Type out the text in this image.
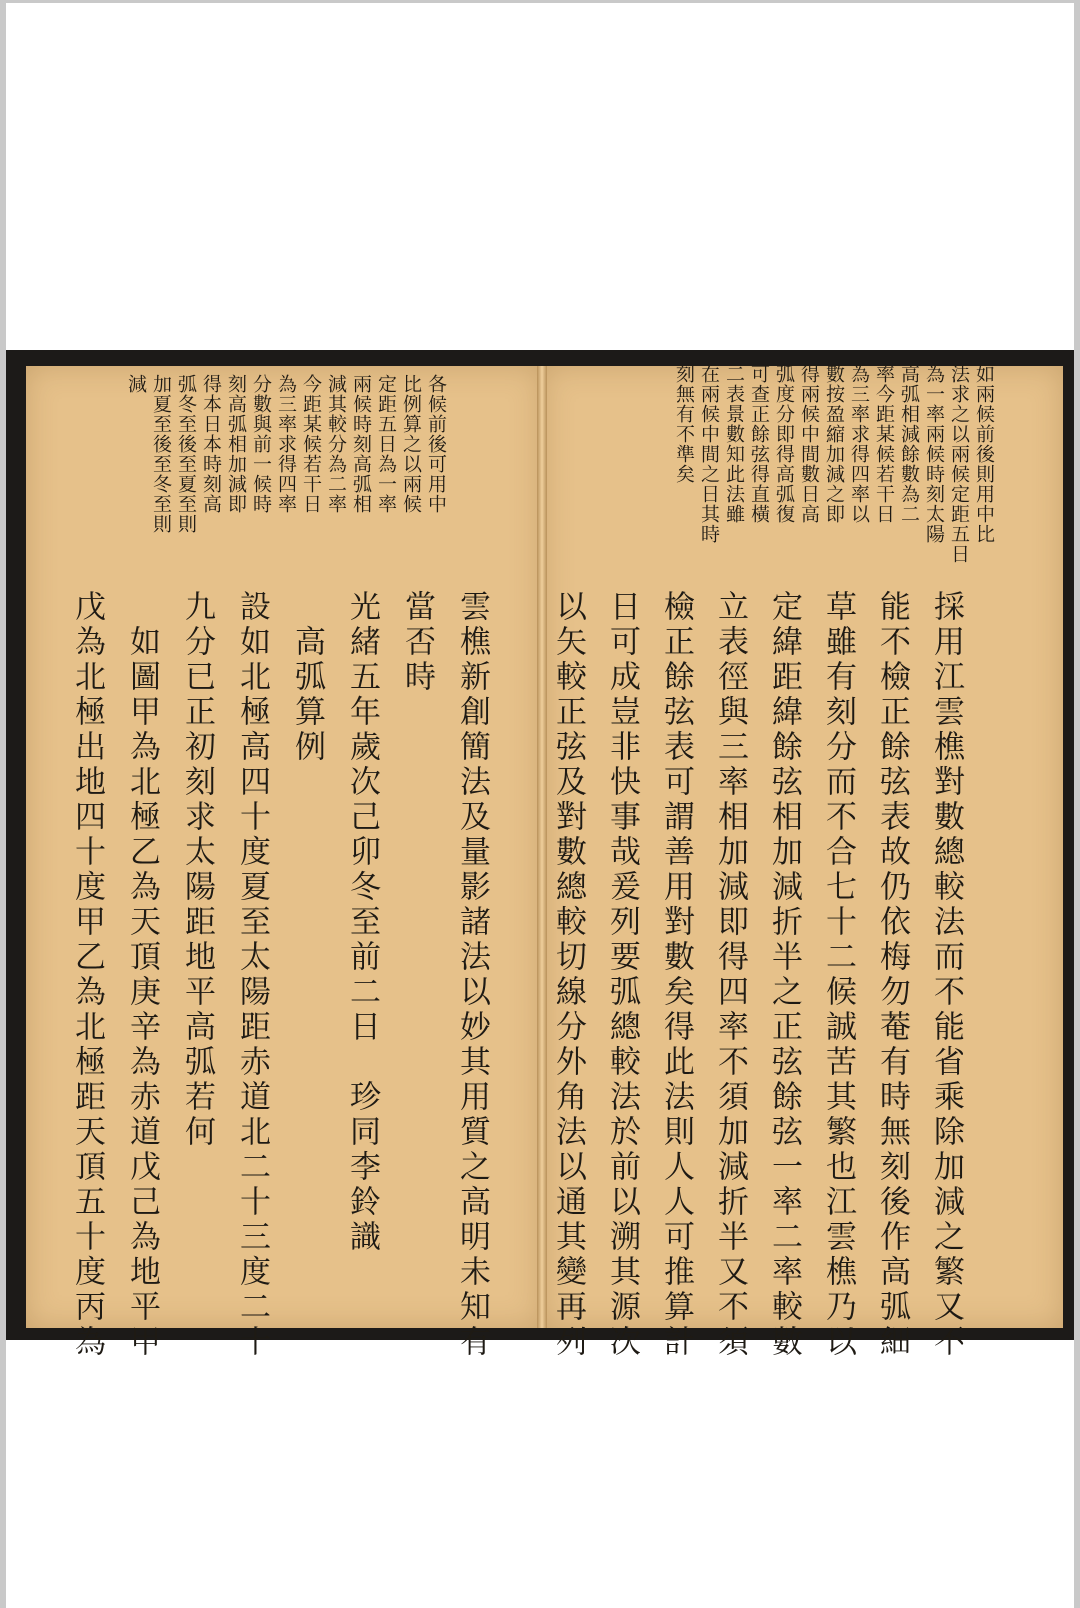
如兩候前後則用中比
法求之以兩候定距五日
為一率兩候時刻太陽
高弧相減餘數為二
率今距某候若干日
為三率求得四率以
數按盈縮加減之即
得兩候中間數日高
弧度分即得高弧復
可查正餘弦得直橫
二表景數知此法雖
在兩候中間之日其時
刻無有不準矣
採用江雲樵對數總較法而不能省乘除加減之繁又不
能不檢正餘弦表故仍依梅勿菴有時無刻後作高弧細
草雖有刻分而不合七十二候誠苦其繁也江雲樵乃以
定緯距緯餘弦相加減折半之正弦餘弦一率二率較數
立表徑與三率相加減即得四率不須加減折半又不須
檢正餘弦表可謂善用對數矣得此法則人人可推算計
日可成豈非快事哉爰列要弧總較法於前以溯其源次
以矢較正弦及對數總較切線分外角法以通其變再列
各候前後可用中
比例算之以兩候
定距五日為一率
兩候時刻高弧相
減其較分為二率
今距某候若干日
為三率求得四率
分數與前一候時
刻高弧相加減即
得本日本時刻高
弧冬至後至夏至則
加夏至後至冬至則
減
雲樵新創簡法及量影諸法以妙其用質之高明未知有
當否時
光緒五年歲次己卯冬至前二日　珍同李鈴識
　高弧算例
設如北極高四十度夏至太陽距赤道北二十三度二十
九分已正初刻求太陽距地平高弧若何
　如圖甲為北極乙為天頂庚辛為赤道戊己為地平甲
戊為北極出地四十度甲乙為北極距天頂五十度丙為
